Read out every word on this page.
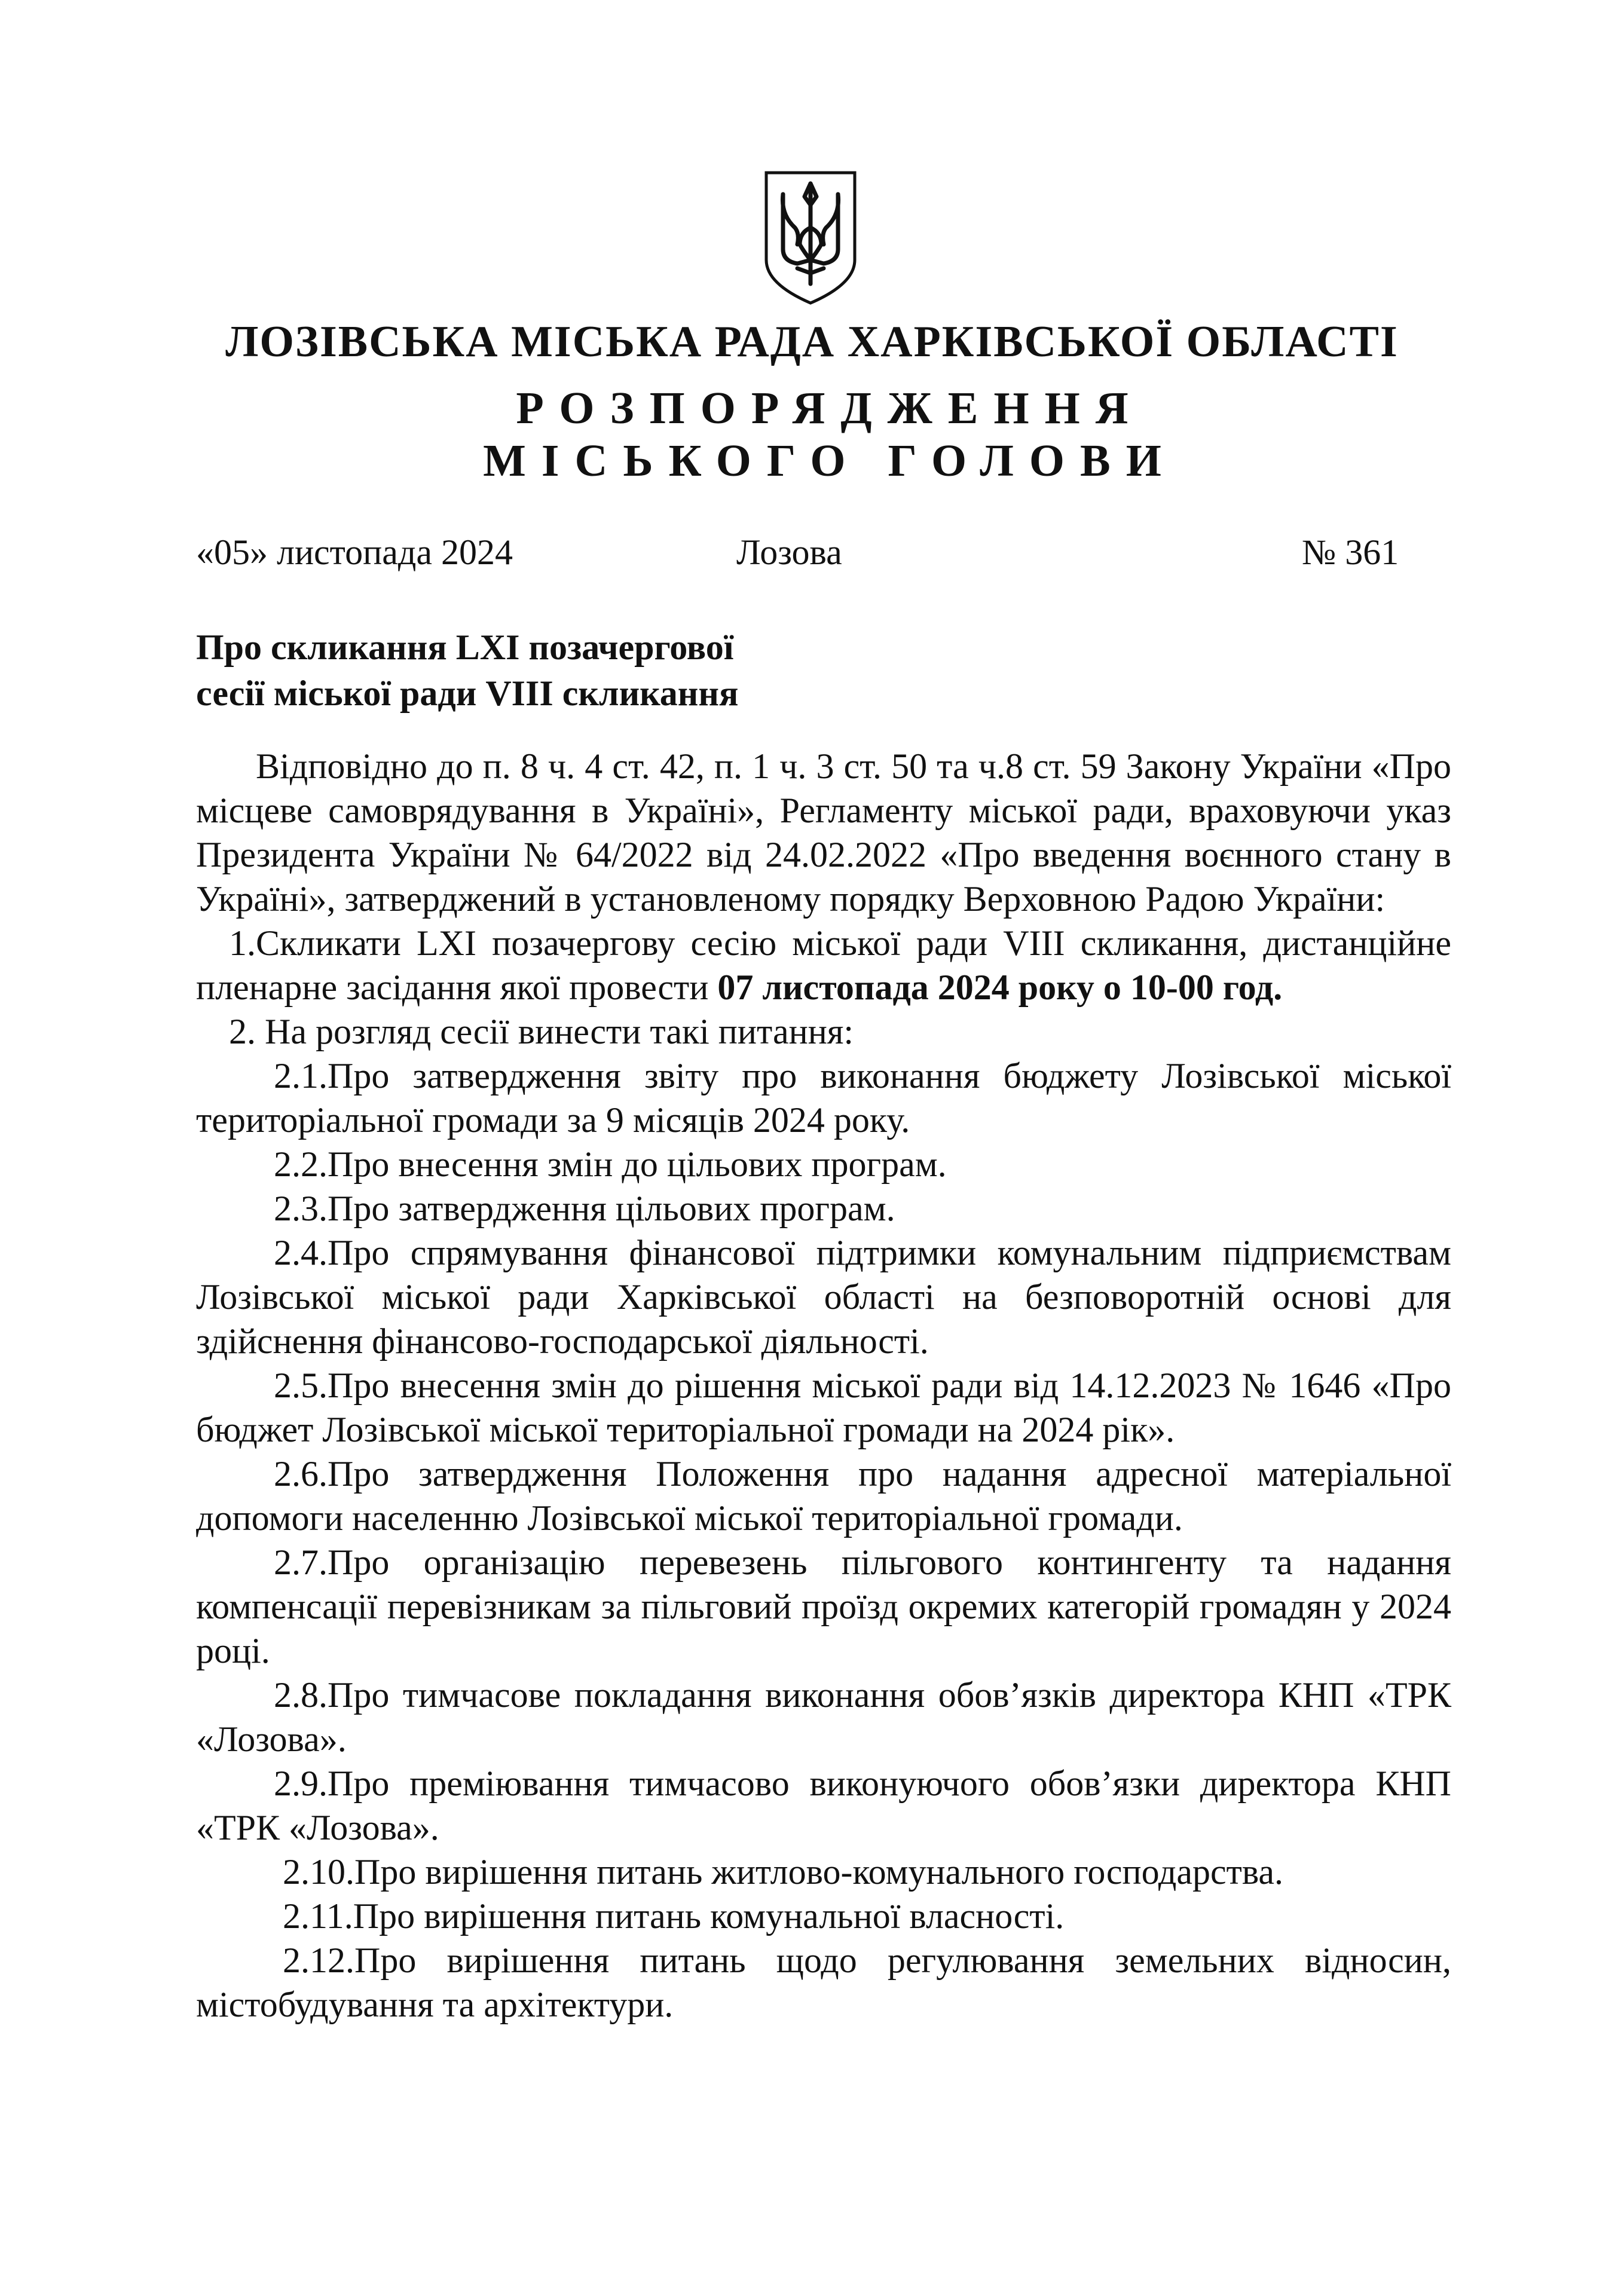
ЛОЗІВСЬКА МІСЬКА РАДА ХАРКІВСЬКОЇ ОБЛАСТІ
РОЗПОРЯДЖЕННЯ
МІСЬКОГО ГОЛОВИ
«05» листопада 2024	Лозова	№ 361
Про скликання LXI позачергової
сесії міської ради VIII скликання

Відповідно до п. 8 ч. 4 ст. 42, п. 1 ч. 3 ст. 50 та ч.8 ст. 59 Закону України «Про місцеве самоврядування в Україні», Регламенту міської ради, враховуючи указ Президента України № 64/2022 від 24.02.2022 «Про введення воєнного стану в Україні», затверджений в установленому порядку Верховною Радою України:

1.Скликати LXI позачергову сесію міської ради VIII скликання, дистанційне пленарне засідання якої провести 07 листопада 2024 року о 10-00 год.

2. На розгляд сесії винести такі питання:

2.1.Про затвердження звіту про виконання бюджету Лозівської міської територіальної громади за 9 місяців 2024 року.

2.2.Про внесення змін до цільових програм.

2.3.Про затвердження цільових програм.

2.4.Про спрямування фінансової підтримки комунальним підприємствам Лозівської міської ради Харківської області на безповоротній основі для здійснення фінансово-господарської діяльності.

2.5.Про внесення змін до рішення міської ради від 14.12.2023 № 1646 «Про бюджет Лозівської міської територіальної громади на 2024 рік».

2.6.Про затвердження Положення про надання адресної матеріальної допомоги населенню Лозівської міської територіальної громади.

2.7.Про організацію перевезень пільгового контингенту та надання компенсації перевізникам за пільговий проїзд окремих категорій громадян у 2024 році.

2.8.Про тимчасове покладання виконання обов’язків директора КНП «ТРК «Лозова».

2.9.Про преміювання тимчасово виконуючого обов’язки директора КНП «ТРК «Лозова».

2.10.Про вирішення питань житлово-комунального господарства.

2.11.Про вирішення питань комунальної власності.

2.12.Про вирішення питань щодо регулювання земельних відносин, містобудування та архітектури.
